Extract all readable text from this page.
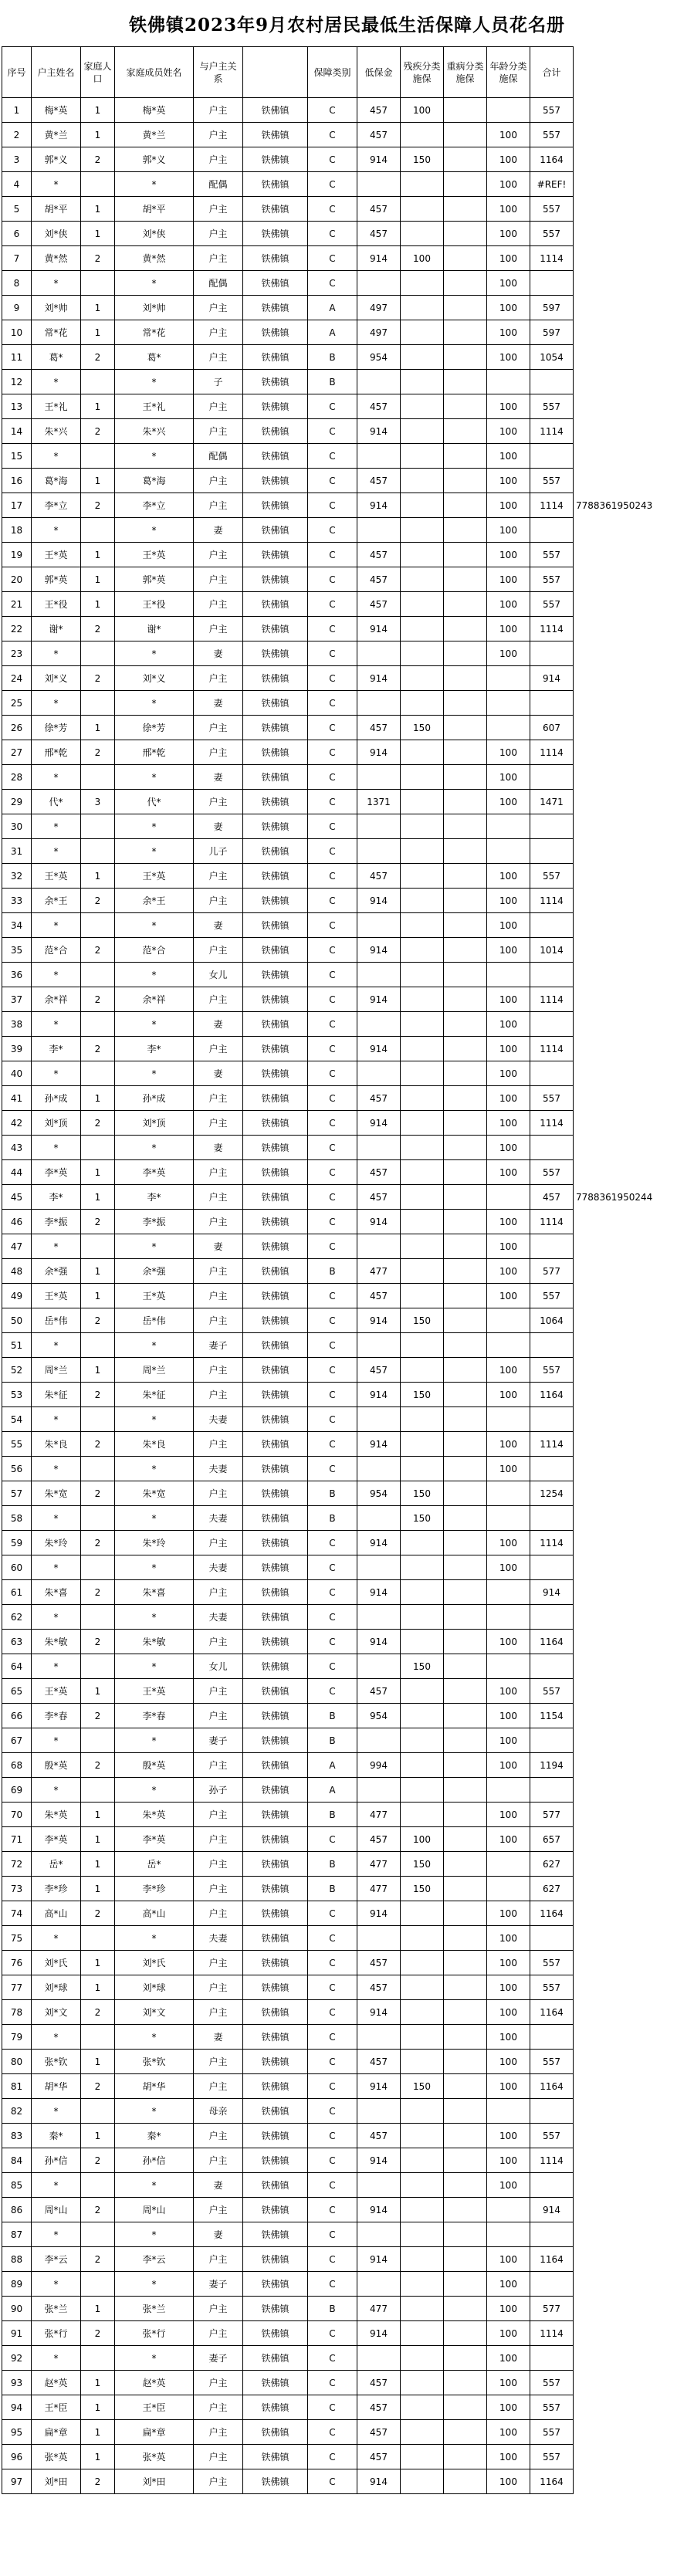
铁佛镇2023年9月农村居民最低生活保障人员花名册
序号	户主姓名	家庭人口	家庭成员姓名	与户主关系		保障类别	低保金	残疾分类施保	重病分类施保	年龄分类施保	合计	
1	梅*英	1	梅*英	户主	铁佛镇	C	457	100			557	
2	黄*兰	1	黄*兰	户主	铁佛镇	C	457			100	557	
3	郭*义	2	郭*义	户主	铁佛镇	C	914	150		100	1164	
4	*		*	配偶	铁佛镇	C				100	#REF!	
5	胡*平	1	胡*平	户主	铁佛镇	C	457			100	557	
6	刘*侠	1	刘*侠	户主	铁佛镇	C	457			100	557	
7	黄*然	2	黄*然	户主	铁佛镇	C	914	100		100	1114	
8	*		*	配偶	铁佛镇	C				100		
9	刘*帅	1	刘*帅	户主	铁佛镇	A	497			100	597	
10	常*花	1	常*花	户主	铁佛镇	A	497			100	597	
11	葛*	2	葛*	户主	铁佛镇	B	954			100	1054	
12	*		*	子	铁佛镇	B						
13	王*礼	1	王*礼	户主	铁佛镇	C	457			100	557	
14	朱*兴	2	朱*兴	户主	铁佛镇	C	914			100	1114	
15	*		*	配偶	铁佛镇	C				100		
16	葛*海	1	葛*海	户主	铁佛镇	C	457			100	557	
17	李*立	2	李*立	户主	铁佛镇	C	914			100	1114	7788361950243
18	*		*	妻	铁佛镇	C				100		
19	王*英	1	王*英	户主	铁佛镇	C	457			100	557	
20	郭*英	1	郭*英	户主	铁佛镇	C	457			100	557	
21	王*役	1	王*役	户主	铁佛镇	C	457			100	557	
22	谢*	2	谢*	户主	铁佛镇	C	914			100	1114	
23	*		*	妻	铁佛镇	C				100		
24	刘*义	2	刘*义	户主	铁佛镇	C	914				914	
25	*		*	妻	铁佛镇	C						
26	徐*芳	1	徐*芳	户主	铁佛镇	C	457	150			607	
27	邢*乾	2	邢*乾	户主	铁佛镇	C	914			100	1114	
28	*		*	妻	铁佛镇	C				100		
29	代*	3	代*	户主	铁佛镇	C	1371			100	1471	
30	*		*	妻	铁佛镇	C						
31	*		*	儿子	铁佛镇	C						
32	王*英	1	王*英	户主	铁佛镇	C	457			100	557	
33	余*王	2	余*王	户主	铁佛镇	C	914			100	1114	
34	*		*	妻	铁佛镇	C				100		
35	范*合	2	范*合	户主	铁佛镇	C	914			100	1014	
36	*		*	女儿	铁佛镇	C						
37	余*祥	2	余*祥	户主	铁佛镇	C	914			100	1114	
38	*		*	妻	铁佛镇	C				100		
39	李*	2	李*	户主	铁佛镇	C	914			100	1114	
40	*		*	妻	铁佛镇	C				100		
41	孙*成	1	孙*成	户主	铁佛镇	C	457			100	557	
42	刘*顶	2	刘*顶	户主	铁佛镇	C	914			100	1114	
43	*		*	妻	铁佛镇	C				100		
44	李*英	1	李*英	户主	铁佛镇	C	457			100	557	
45	李*	1	李*	户主	铁佛镇	C	457				457	7788361950244
46	李*振	2	李*振	户主	铁佛镇	C	914			100	1114	
47	*		*	妻	铁佛镇	C				100		
48	余*强	1	余*强	户主	铁佛镇	B	477			100	577	
49	王*英	1	王*英	户主	铁佛镇	C	457			100	557	
50	岳*伟	2	岳*伟	户主	铁佛镇	C	914	150			1064	
51	*		*	妻子	铁佛镇	C						
52	周*兰	1	周*兰	户主	铁佛镇	C	457			100	557	
53	朱*征	2	朱*征	户主	铁佛镇	C	914	150		100	1164	
54	*		*	夫妻	铁佛镇	C						
55	朱*良	2	朱*良	户主	铁佛镇	C	914			100	1114	
56	*		*	夫妻	铁佛镇	C				100		
57	朱*宽	2	朱*宽	户主	铁佛镇	B	954	150			1254	
58	*		*	夫妻	铁佛镇	B		150				
59	朱*玲	2	朱*玲	户主	铁佛镇	C	914			100	1114	
60	*		*	夫妻	铁佛镇	C				100		
61	朱*喜	2	朱*喜	户主	铁佛镇	C	914				914	
62	*		*	夫妻	铁佛镇	C						
63	朱*敏	2	朱*敏	户主	铁佛镇	C	914			100	1164	
64	*		*	女儿	铁佛镇	C		150				
65	王*英	1	王*英	户主	铁佛镇	C	457			100	557	
66	李*春	2	李*春	户主	铁佛镇	B	954			100	1154	
67	*		*	妻子	铁佛镇	B				100		
68	殷*英	2	殷*英	户主	铁佛镇	A	994			100	1194	
69	*		*	孙子	铁佛镇	A						
70	朱*英	1	朱*英	户主	铁佛镇	B	477			100	577	
71	李*英	1	李*英	户主	铁佛镇	C	457	100		100	657	
72	岳*	1	岳*	户主	铁佛镇	B	477	150			627	
73	李*珍	1	李*珍	户主	铁佛镇	B	477	150			627	
74	高*山	2	高*山	户主	铁佛镇	C	914			100	1164	
75	*		*	夫妻	铁佛镇	C				100		
76	刘*氏	1	刘*氏	户主	铁佛镇	C	457			100	557	
77	刘*球	1	刘*球	户主	铁佛镇	C	457			100	557	
78	刘*文	2	刘*文	户主	铁佛镇	C	914			100	1164	
79	*		*	妻	铁佛镇	C				100		
80	张*钦	1	张*钦	户主	铁佛镇	C	457			100	557	
81	胡*华	2	胡*华	户主	铁佛镇	C	914	150		100	1164	
82	*		*	母亲	铁佛镇	C						
83	秦*	1	秦*	户主	铁佛镇	C	457			100	557	
84	孙*信	2	孙*信	户主	铁佛镇	C	914			100	1114	
85	*		*	妻	铁佛镇	C				100		
86	周*山	2	周*山	户主	铁佛镇	C	914				914	
87	*		*	妻	铁佛镇	C						
88	李*云	2	李*云	户主	铁佛镇	C	914			100	1164	
89	*		*	妻子	铁佛镇	C				100		
90	张*兰	1	张*兰	户主	铁佛镇	B	477			100	577	
91	张*行	2	张*行	户主	铁佛镇	C	914			100	1114	
92	*		*	妻子	铁佛镇	C				100		
93	赵*英	1	赵*英	户主	铁佛镇	C	457			100	557	
94	王*臣	1	王*臣	户主	铁佛镇	C	457			100	557	
95	扁*章	1	扁*章	户主	铁佛镇	C	457			100	557	
96	张*英	1	张*英	户主	铁佛镇	C	457			100	557	
97	刘*田	2	刘*田	户主	铁佛镇	C	914			100	1164	
